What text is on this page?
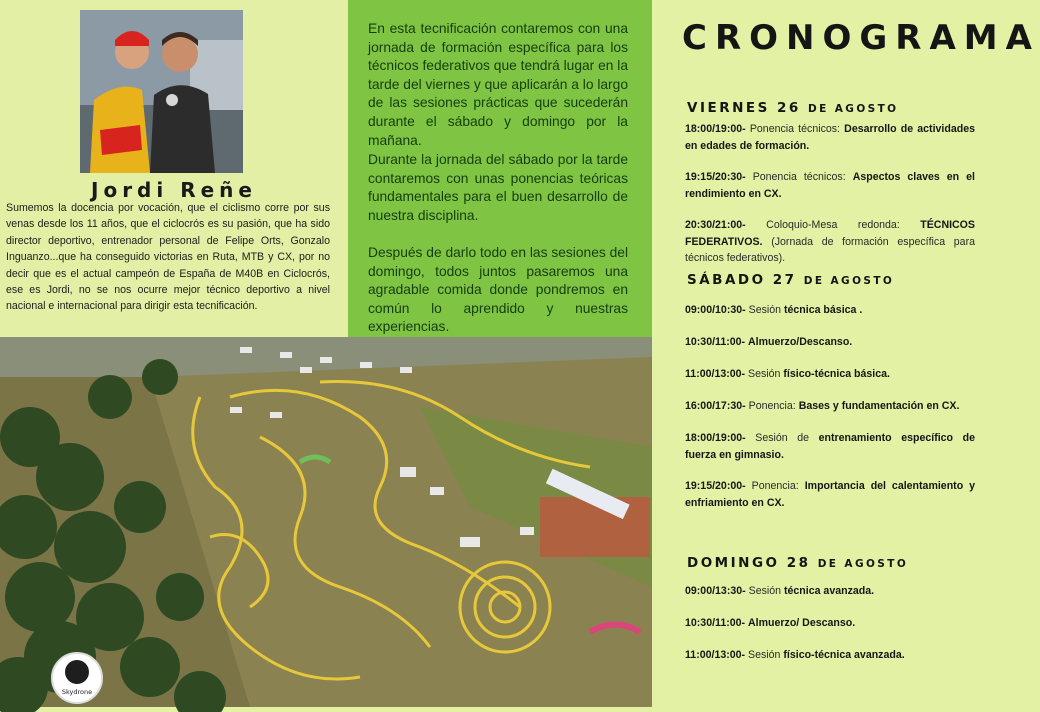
Jordi Reñe
Sumemos la docencia por vocación, que el ciclismo corre por sus venas desde los 11 años, que el ciclocrós es su pasión, que ha sido director deportivo, entrenador personal de Felipe Orts, Gonzalo Inguanzo...que ha conseguido victorias en Ruta, MTB y CX, por no decir que es el actual campeón de España de M40B en Ciclocrós, ese es Jordi, no se nos ocurre mejor técnico deportivo a nivel nacional e internacional para dirigir esta tecnificación.

En esta tecnificación contaremos con una jornada de formación específica para los técnicos federativos que tendrá lugar en la tarde del viernes y que aplicarán a lo largo de las sesiones prácticas que sucederán durante el sábado y domingo por la mañana.

Durante la jornada del sábado por la tarde contaremos con unas ponencias teóricas fundamentales para el buen desarrollo de nuestra disciplina.

Después de darlo todo en las sesiones del domingo, todos juntos pasaremos una agradable comida donde pondremos en común lo aprendido y nuestras experiencias.

Skydrone
CRONOGRAMA
VIERNES 26 DE AGOSTO
18:00/19:00- Ponencia técnicos: Desarrollo de actividades en edades de formación.
19:15/20:30- Ponencia técnicos: Aspectos claves en el rendimiento en CX.
20:30/21:00- Coloquio-Mesa redonda: TÉCNICOS FEDERATIVOS. (Jornada de formación específica para técnicos federativos).
SÁBADO 27 DE AGOSTO
09:00/10:30- Sesión técnica básica .
10:30/11:00- Almuerzo/Descanso.
11:00/13:00- Sesión físico-técnica básica.
16:00/17:30- Ponencia: Bases y fundamentación en CX.
18:00/19:00- Sesión de entrenamiento específico de fuerza en gimnasio.
19:15/20:00- Ponencia: Importancia del calentamiento y enfriamiento en CX.
DOMINGO 28 DE AGOSTO
09:00/13:30- Sesión técnica avanzada.
10:30/11:00- Almuerzo/ Descanso.
11:00/13:00- Sesión físico-técnica avanzada.
